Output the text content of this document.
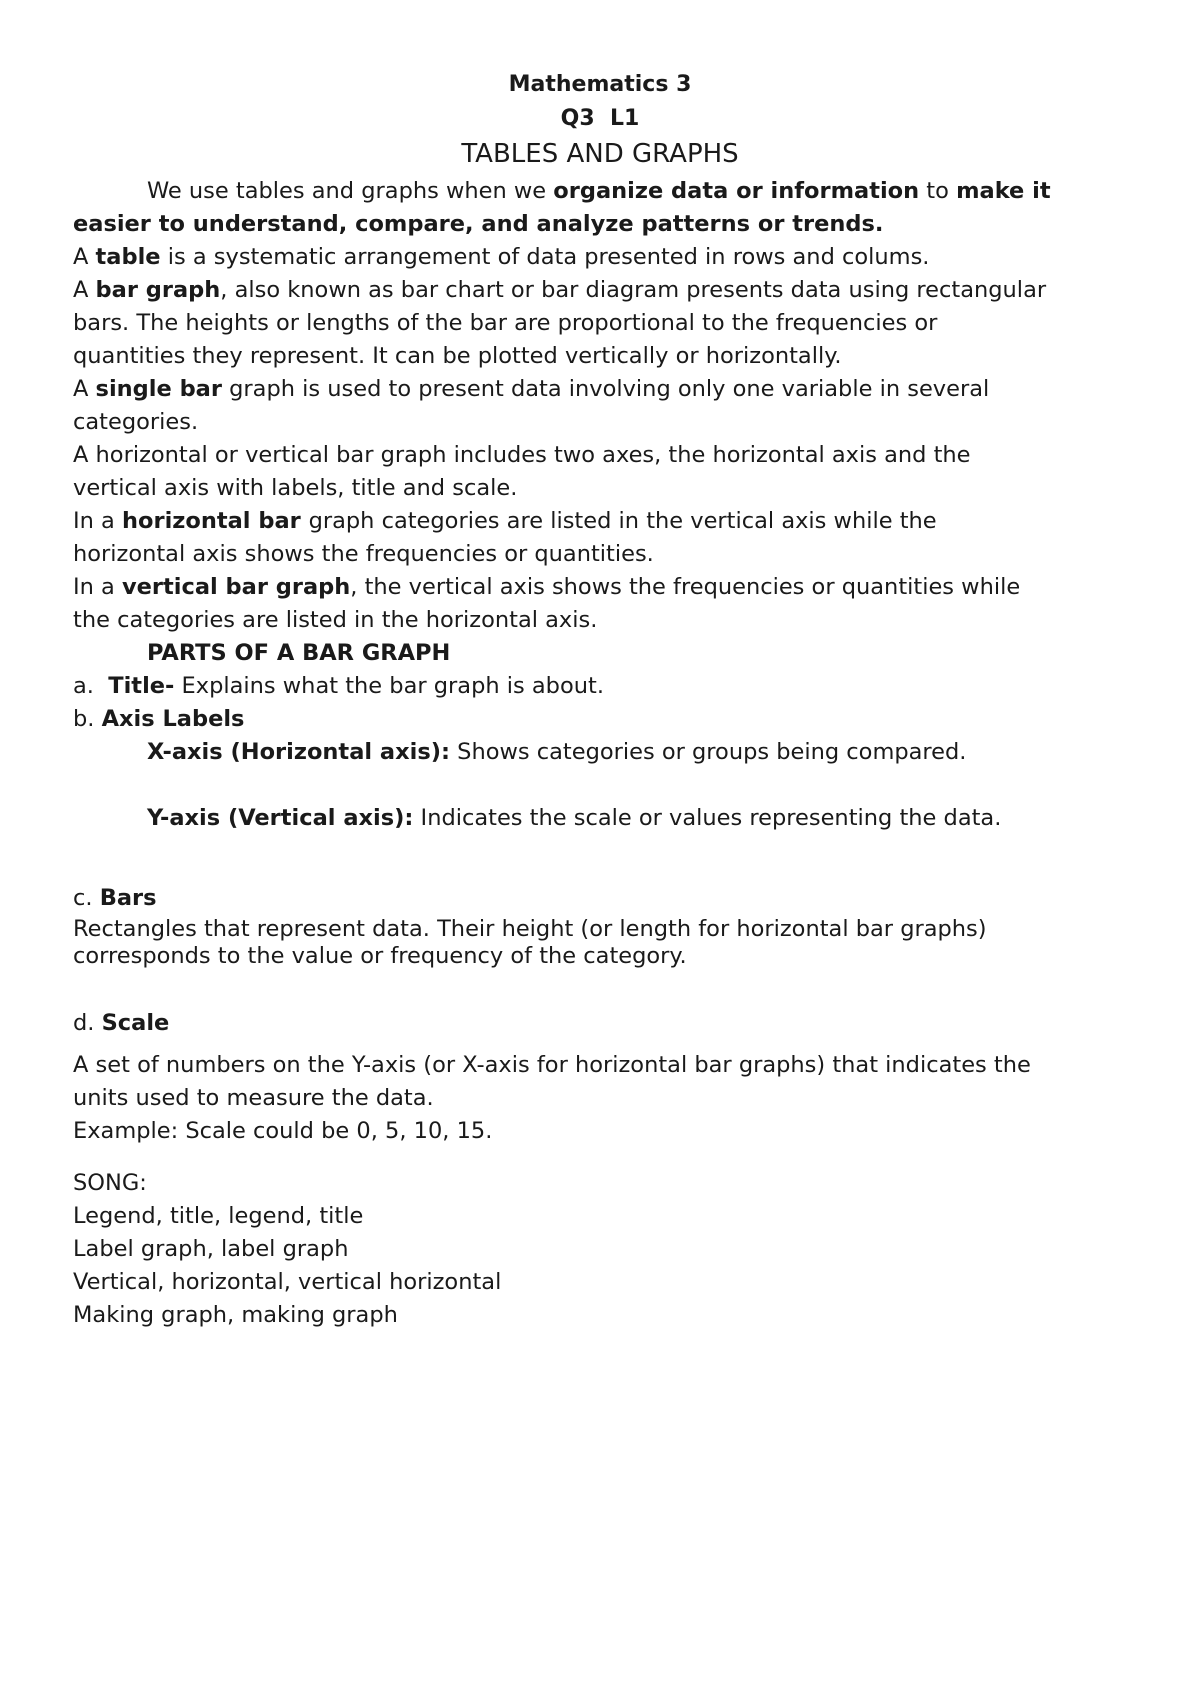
Mathematics 3
Q3  L1
TABLES AND GRAPHS
We use tables and graphs when we organize data or information to make it
easier to understand, compare, and analyze patterns or trends.
A table is a systematic arrangement of data presented in rows and colums.
A bar graph, also known as bar chart or bar diagram presents data using rectangular
bars. The heights or lengths of the bar are proportional to the frequencies or
quantities they represent. It can be plotted vertically or horizontally.
A single bar graph is used to present data involving only one variable in several
categories.
A horizontal or vertical bar graph includes two axes, the horizontal axis and the
vertical axis with labels, title and scale.
In a horizontal bar graph categories are listed in the vertical axis while the
horizontal axis shows the frequencies or quantities.
In a vertical bar graph, the vertical axis shows the frequencies or quantities while
the categories are listed in the horizontal axis.
PARTS OF A BAR GRAPH
a.  Title- Explains what the bar graph is about.
b. Axis Labels
X-axis (Horizontal axis): Shows categories or groups being compared.
Y-axis (Vertical axis): Indicates the scale or values representing the data.
c. Bars
Rectangles that represent data. Their height (or length for horizontal bar graphs)
corresponds to the value or frequency of the category.
d. Scale
A set of numbers on the Y-axis (or X-axis for horizontal bar graphs) that indicates the
units used to measure the data.
Example: Scale could be 0, 5, 10, 15.
SONG:
Legend, title, legend, title
Label graph, label graph
Vertical, horizontal, vertical horizontal
Making graph, making graph
